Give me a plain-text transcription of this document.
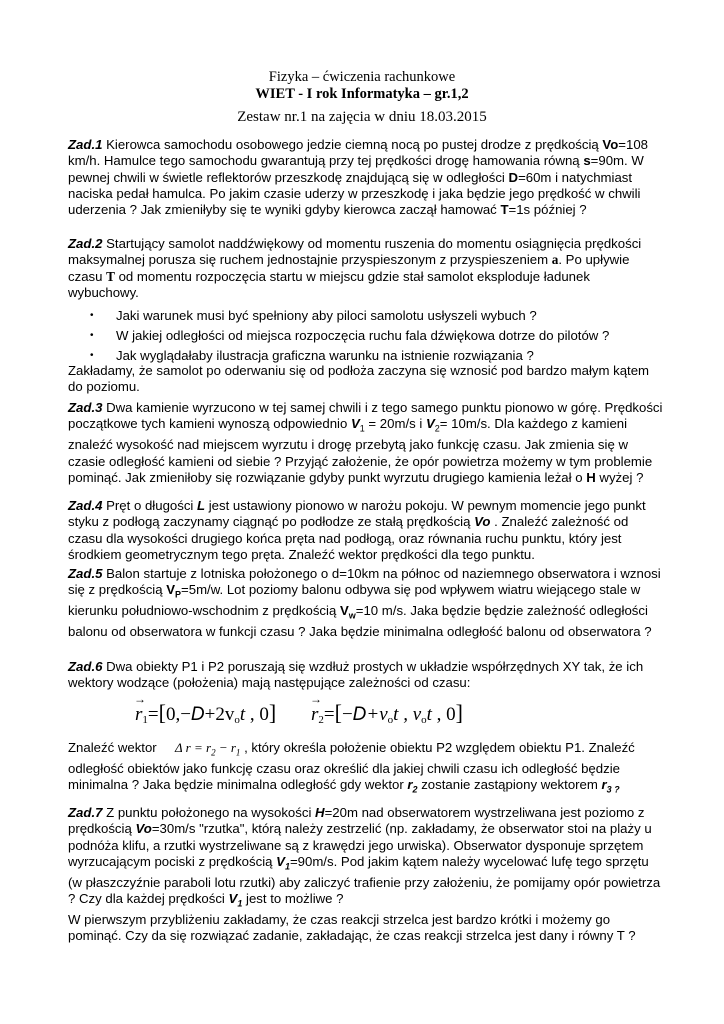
Fizyka – ćwiczenia rachunkowe
WIET - I rok Informatyka – gr.1,2
Zestaw nr.1 na zajęcia w dniu 18.03.2015

Zad.1 Kierowca samochodu osobowego jedzie ciemną nocą po pustej drodze z prędkością Vo=108 km/h. Hamulce tego samochodu gwarantują przy tej prędkości drogę hamowania równą s=90m. W pewnej chwili w świetle reflektorów przeszkodę znajdującą się w odległości D=60m i natychmiast naciska pedał hamulca. Po jakim czasie uderzy w przeszkodę i jaka będzie jego prędkość w chwili uderzenia ? Jak zmieniłyby się te wyniki gdyby kierowca zaczął hamować T=1s później ?

Zad.2 Startujący samolot naddźwiękowy od momentu ruszenia do momentu osiągnięcia prędkości maksymalnej porusza się ruchem jednostajnie przyspieszonym z przyspieszeniem a. Po upływie czasu T od momentu rozpoczęcia startu w miejscu gdzie stał samolot eksploduje ładunek wybuchowy.

• Jaki warunek musi być spełniony aby piloci samolotu usłyszeli wybuch ?
• W jakiej odległości od miejsca rozpoczęcia ruchu fala dźwiękowa dotrze do pilotów ?
• Jak wyglądałaby ilustracja graficzna warunku na istnienie rozwiązania ?

Zakładamy, że samolot po oderwaniu się od podłoża zaczyna się wznosić pod bardzo małym kątem do poziomu.

Zad.3 Dwa kamienie wyrzucono w tej samej chwili i z tego samego punktu pionowo w górę. Prędkości początkowe tych kamieni wynoszą odpowiednio $V_1 = 20m/s$ i $V_2= 10m/s$. Dla każdego z kamieni znaleźć wysokość nad miejscem wyrzutu i drogę przebytą jako funkcję czasu. Jak zmienia się w czasie odległość kamieni od siebie ? Przyjąć założenie, że opór powietrza możemy w tym problemie pominąć. Jak zmieniłoby się rozwiązanie gdyby punkt wyrzutu drugiego kamienia leżał o H wyżej ?

Zad.4 Pręt o długości L jest ustawiony pionowo w narożu pokoju. W pewnym momencie jego punkt styku z podłogą zaczynamy ciągnąć po podłodze ze stałą prędkością Vo . Znaleźć zależność od czasu dla wysokości drugiego końca pręta nad podłogą, oraz równania ruchu punktu, który jest środkiem geometrycznym tego pręta. Znaleźć wektor prędkości dla tego punktu.

Zad.5 Balon startuje z lotniska położonego o d=10km na północ od naziemnego obserwatora i wznosi się z prędkością $V_P=5m/w$. Lot poziomy balonu odbywa się pod wpływem wiatru wiejącego stale w kierunku południowo-wschodnim z prędkością $V_w=10$ m/s. Jaka będzie będzie zależność odległości balonu od obserwatora w funkcji czasu ? Jaka będzie minimalna odległość balonu od obserwatora ?

Zad.6 Dwa obiekty P1 i P2 poruszają się wzdłuż prostych w układzie współrzędnych XY tak, że ich wektory wodzące (położenia) mają następujące zależności od czasu:

→ $r_1=[0,-D+2v_ot$ , 0]
→ $r_2=[-D+v_ot$ , $v_ot$ , 0]

Znaleźć wektor Δ $r = r_2 - r_1$ , który określa położenie obiektu P2 względem obiektu P1. Znaleźć odległość obiektów jako funkcję czasu oraz określić dla jakiej chwili czasu ich odległość będzie minimalna ? Jaka będzie minimalna odległość gdy wektor $r_2$ zostanie zastąpiony wektorem $r_{3 ?}$

Zad.7 Z punktu położonego na wysokości H=20m nad obserwatorem wystrzeliwana jest poziomo z prędkością Vo=30m/s "rzutka", którą należy zestrzelić (np. zakładamy, że obserwator stoi na plaży u podnóża klifu, a rzutki wystrzeliwane są z krawędzi jego urwiska). Obserwator dysponuje sprzętem wyrzucającym pociski z prędkością $V_1=90m/s$. Pod jakim kątem należy wycelować lufę tego sprzętu (w płaszczyźnie paraboli lotu rzutki) aby zaliczyć trafienie przy założeniu, że pomijamy opór powietrza ? Czy dla każdej prędkości $V_1$ jest to możliwe ?
W pierwszym przybliżeniu zakładamy, że czas reakcji strzelca jest bardzo krótki i możemy go pominąć. Czy da się rozwiązać zadanie, zakładając, że czas reakcji strzelca jest dany i równy T ?
